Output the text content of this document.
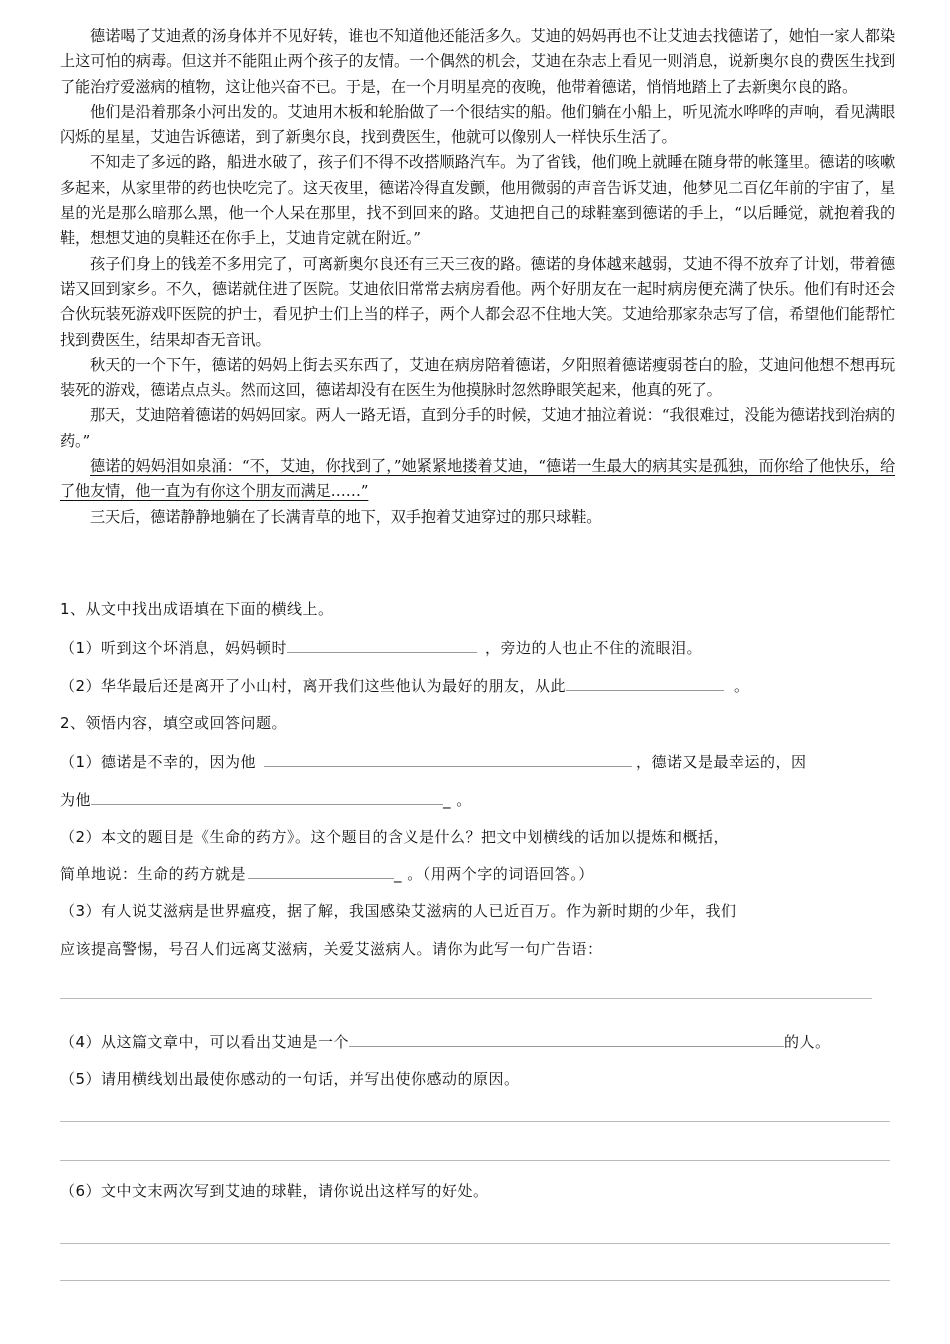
德诺喝了艾迪煮的汤身体并不见好转，谁也不知道他还能活多久。艾迪的妈妈再也不让艾迪去找德诺了，她怕一家人都染上这可怕的病毒。但这并不能阻止两个孩子的友情。一个偶然的机会，艾迪在杂志上看见一则消息，说新奥尔良的费医生找到了能治疗爱滋病的植物，这让他兴奋不已。于是，在一个月明星亮的夜晚，他带着德诺，悄悄地踏上了去新奥尔良的路。

他们是沿着那条小河出发的。艾迪用木板和轮胎做了一个很结实的船。他们躺在小船上，听见流水哗哗的声响，看见满眼闪烁的星星，艾迪告诉德诺，到了新奥尔良，找到费医生，他就可以像别人一样快乐生活了。

不知走了多远的路，船进水破了，孩子们不得不改搭顺路汽车。为了省钱，他们晚上就睡在随身带的帐篷里。德诺的咳嗽多起来，从家里带的药也快吃完了。这天夜里，德诺冷得直发颤，他用微弱的声音告诉艾迪，他梦见二百亿年前的宇宙了，星星的光是那么暗那么黑，他一个人呆在那里，找不到回来的路。艾迪把自己的球鞋塞到德诺的手上，“以后睡觉，就抱着我的鞋，想想艾迪的臭鞋还在你手上，艾迪肯定就在附近。”

孩子们身上的钱差不多用完了，可离新奥尔良还有三天三夜的路。德诺的身体越来越弱，艾迪不得不放弃了计划，带着德诺又回到家乡。不久，德诺就住进了医院。艾迪依旧常常去病房看他。两个好朋友在一起时病房便充满了快乐。他们有时还会合伙玩装死游戏吓医院的护士，看见护士们上当的样子，两个人都会忍不住地大笑。艾迪给那家杂志写了信，希望他们能帮忙找到费医生，结果却杳无音讯。

秋天的一个下午，德诺的妈妈上街去买东西了，艾迪在病房陪着德诺，夕阳照着德诺瘦弱苍白的脸，艾迪问他想不想再玩装死的游戏，德诺点点头。然而这回，德诺却没有在医生为他摸脉时忽然睁眼笑起来，他真的死了。

那天，艾迪陪着德诺的妈妈回家。两人一路无语，直到分手的时候，艾迪才抽泣着说：“我很难过，没能为德诺找到治病的药。”

德诺的妈妈泪如泉涌：“不，艾迪，你找到了，”她紧紧地搂着艾迪，“德诺一生最大的病其实是孤独，而你给了他快乐，给了他友情，他一直为有你这个朋友而满足……”

三天后，德诺静静地躺在了长满青草的地下，双手抱着艾迪穿过的那只球鞋。

1、从文中找出成语填在下面的横线上。

（1）听到这个坏消息，妈妈顿时	，旁边的人也止不住的流眼泪。

（2）华华最后还是离开了小山村，离开我们这些他认为最好的朋友，从此	。

2、领悟内容，填空或回答问题。

（1）德诺是不幸的，因为他	，德诺又是最幸运的，因

为他	_ 。

（2）本文的题目是《生命的药方》。这个题目的含义是什么？把文中划横线的话加以提炼和概括，

简单地说：生命的药方就是	_ 。（用两个字的词语回答。）

（3）有人说艾滋病是世界瘟疫，据了解，我国感染艾滋病的人已近百万。作为新时期的少年，我们

应该提高警惕，号召人们远离艾滋病，关爱艾滋病人。请你为此写一句广告语：

（4）从这篇文章中，可以看出艾迪是一个	的人。

（5）请用横线划出最使你感动的一句话，并写出使你感动的原因。

（6）文中文末两次写到艾迪的球鞋，请你说出这样写的好处。
